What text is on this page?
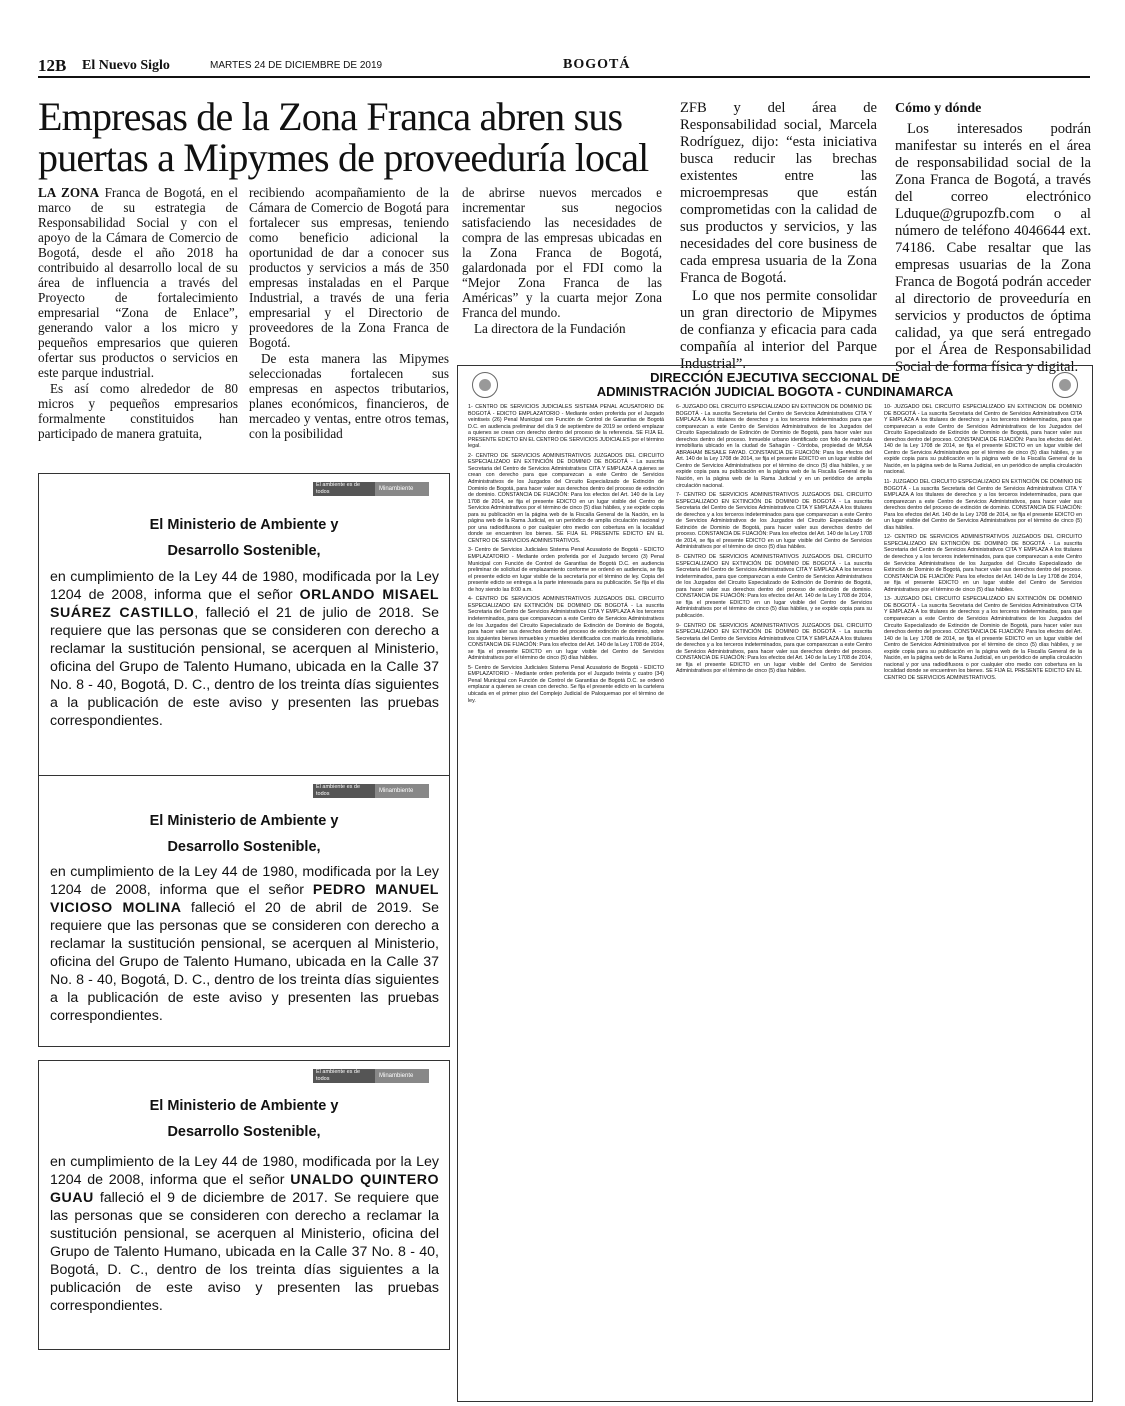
12B El Nuevo Siglo	MARTES 24 DE DICIEMBRE DE 2019	BOGOTÁ
Empresas de la Zona Franca abren sus puertas a Mipymes de proveeduría local

LA ZONA Franca de Bogotá, en el marco de su estrategia de Responsabilidad Social y con el apoyo de la Cámara de Comercio de Bogotá, desde el año 2018 ha contribuido al desarrollo local de su área de influencia a través del Proyecto de fortalecimiento empresarial “Zona de Enlace”, generando valor a los micro y pequeños empresarios que quieren ofertar sus productos o servicios en este parque industrial.

Es así como alrededor de 80 micros y pequeños empresarios formalmente constituidos han participado de manera gratuita,

recibiendo acompañamiento de la Cámara de Comercio de Bogotá para fortalecer sus empresas, teniendo como beneficio adicional la oportunidad de dar a conocer sus productos y servicios a más de 350 empresas instaladas en el Parque Industrial, a través de una feria empresarial y el Directorio de proveedores de la Zona Franca de Bogotá.

De esta manera las Mipymes seleccionadas fortalecen sus empresas en aspectos tributarios, planes económicos, financieros, de mercadeo y ventas, entre otros temas, con la posibilidad

de abrirse nuevos mercados e incrementar sus negocios satisfaciendo las necesidades de compra de las empresas ubicadas en la Zona Franca de Bogotá, galardonada por el FDI como la “Mejor Zona Franca de las Américas” y la cuarta mejor Zona Franca del mundo.

La directora de la Fundación

ZFB y del área de Responsabilidad social, Marcela Rodríguez, dijo: “esta iniciativa busca reducir las brechas existentes entre las microempresas que están comprometidas con la calidad de sus productos y servicios, y las necesidades del core business de cada empresa usuaria de la Zona Franca de Bogotá.

Lo que nos permite consolidar un gran directorio de Mipymes de confianza y eficacia para cada compañía al interior del Parque Industrial”.

Cómo y dónde

Los interesados podrán manifestar su interés en el área de responsabilidad social de la Zona Franca de Bogotá, a través del correo electrónico Lduque@grupozfb.com o al número de teléfono 4046644 ext. 74186. Cabe resaltar que las empresas usuarias de la Zona Franca de Bogotá podrán acceder al directorio de proveeduría en servicios y productos de óptima calidad, ya que será entregado por el Área de Responsabilidad Social de forma física y digital.

El ambiente es de todos	Minambiente
El Ministerio de Ambiente y
Desarrollo Sostenible,
en cumplimiento de la Ley 44 de 1980, modificada por la Ley 1204 de 2008, informa que el señor ORLANDO MISAEL SUÁREZ CASTILLO, falleció el 21 de julio de 2018. Se requiere que las personas que se consideren con derecho a reclamar la sustitución pensional, se acerquen al Ministerio, oficina del Grupo de Talento Humano, ubicada en la Calle 37 No. 8 - 40, Bogotá, D. C., dentro de los treinta días siguientes a la publicación de este aviso y presenten las pruebas correspondientes.
El ambiente es de todos	Minambiente
El Ministerio de Ambiente y
Desarrollo Sostenible,
en cumplimiento de la Ley 44 de 1980, modificada por la Ley 1204 de 2008, informa que el señor PEDRO MANUEL VICIOSO MOLINA falleció el 20 de abril de 2019. Se requiere que las personas que se consideren con derecho a reclamar la sustitución pensional, se acerquen al Ministerio, oficina del Grupo de Talento Humano, ubicada en la Calle 37 No. 8 - 40, Bogotá, D. C., dentro de los treinta días siguientes a la publicación de este aviso y presenten las pruebas correspondientes.
El ambiente es de todos	Minambiente
El Ministerio de Ambiente y
Desarrollo Sostenible,
en cumplimiento de la Ley 44 de 1980, modificada por la Ley 1204 de 2008, informa que el señor UNALDO QUINTERO GUAU falleció el 9 de diciembre de 2017. Se requiere que las personas que se consideren con derecho a reclamar la sustitución pensional, se acerquen al Ministerio, oficina del Grupo de Talento Humano, ubicada en la Calle 37 No. 8 - 40, Bogotá, D. C., dentro de los treinta días siguientes a la publicación de este aviso y presenten las pruebas correspondientes.
DIRECCIÓN EJECUTIVA SECCIONAL DE
ADMINISTRACIÓN JUDICIAL BOGOTA - CUNDINAMARCA

1- CENTRO DE SERVICIOS JUDICIALES SISTEMA PENAL ACUSATORIO DE BOGOTÁ - EDICTO EMPLAZATORIO - Mediante orden proferida por el Juzgado veintiseis (26) Penal Municipal con Función de Control de Garantías de Bogotá D.C. en audiencia preliminar del día 9 de septiembre de 2019 se ordenó emplazar a quienes se crean con derecho dentro del proceso de la referencia. SE FIJA EL PRESENTE EDICTO EN EL CENTRO DE SERVICIOS JUDICIALES por el término legal.

2- CENTRO DE SERVICIOS ADMINISTRATIVOS JUZGADOS DEL CIRCUITO ESPECIALIZADO EN EXTINCIÓN DE DOMINIO DE BOGOTÁ - La suscrita Secretaria del Centro de Servicios Administrativos CITA Y EMPLAZA A quienes se crean con derecho para que comparezcan a este Centro de Servicios Administrativos de los Juzgados del Circuito Especializado de Extinción de Dominio de Bogotá, para hacer valer sus derechos dentro del proceso de extinción de dominio. CONSTANCIA DE FIJACIÓN: Para los efectos del Art. 140 de la Ley 1708 de 2014, se fija el presente EDICTO en un lugar visible del Centro de Servicios Administrativos por el término de cinco (5) días hábiles, y se expide copia para su publicación en la página web de la Fiscalía General de la Nación, en la página web de la Rama Judicial, en un periódico de amplia circulación nacional y por una radiodifusora o por cualquier otro medio con cobertura en la localidad donde se encuentren los bienes. SE FIJA EL PRESENTE EDICTO EN EL CENTRO DE SERVICIOS ADMINISTRATIVOS.

3- Centro de Servicios Judiciales Sistema Penal Acusatorio de Bogotá - EDICTO EMPLAZATORIO - Mediante orden proferida por el Juzgado tercero (3) Penal Municipal con Función de Control de Garantías de Bogotá D.C. en audiencia preliminar de solicitud de emplazamiento conforme se ordenó en audiencia, se fija el presente edicto en lugar visible de la secretaría por el término de ley. Copia del presente edicto se entrega a la parte interesada para su publicación. Se fija el día de hoy siendo las 8:00 a.m.

4- CENTRO DE SERVICIOS ADMINISTRATIVOS JUZGADOS DEL CIRCUITO ESPECIALIZADO EN EXTINCIÓN DE DOMINIO DE BOGOTÁ - La suscrita Secretaria del Centro de Servicios Administrativos CITA Y EMPLAZA A los terceros indeterminados, para que comparezcan a este Centro de Servicios Administrativos de los Juzgados del Circuito Especializado de Extinción de Dominio de Bogotá, para hacer valer sus derechos dentro del proceso de extinción de dominio, sobre los siguientes bienes inmuebles y muebles identificados con matrícula inmobiliaria. CONSTANCIA DE FIJACIÓN: Para los efectos del Art. 140 de la Ley 1708 de 2014, se fija el presente EDICTO en un lugar visible del Centro de Servicios Administrativos por el término de cinco (5) días hábiles.

5- Centro de Servicios Judiciales Sistema Penal Acusatorio de Bogotá - EDICTO EMPLAZATORIO - Mediante orden proferida por el Juzgado treinta y cuatro (34) Penal Municipal con Función de Control de Garantías de Bogotá D.C. se ordenó emplazar a quienes se crean con derecho. Se fija el presente edicto en la cartelera ubicada en el primer piso del Complejo Judicial de Paloquemao por el término de ley.

6- JUZGADO DEL CIRCUITO ESPECIALIZADO EN EXTINCIÓN DE DOMINIO DE BOGOTÁ - La suscrita Secretaria del Centro de Servicios Administrativos CITA Y EMPLAZA A los titulares de derechos y a los terceros indeterminados para que comparezcan a este Centro de Servicios Administrativos de los Juzgados del Circuito Especializado de Extinción de Dominio de Bogotá, para hacer valer sus derechos dentro del proceso. Inmueble urbano identificado con folio de matrícula inmobiliaria ubicado en la ciudad de Sahagún - Córdoba, propiedad de MUSA ABRAHAM BESAILE FAYAD. CONSTANCIA DE FIJACIÓN: Para los efectos del Art. 140 de la Ley 1708 de 2014, se fija el presente EDICTO en un lugar visible del Centro de Servicios Administrativos por el término de cinco (5) días hábiles, y se expide copia para su publicación en la página web de la Fiscalía General de la Nación, en la página web de la Rama Judicial y en un periódico de amplia circulación nacional.

7- CENTRO DE SERVICIOS ADMINISTRATIVOS JUZGADOS DEL CIRCUITO ESPECIALIZADO EN EXTINCIÓN DE DOMINIO DE BOGOTÁ - La suscrita Secretaria del Centro de Servicios Administrativos CITA Y EMPLAZA A los titulares de derechos y a los terceros indeterminados para que comparezcan a este Centro de Servicios Administrativos de los Juzgados del Circuito Especializado de Extinción de Dominio de Bogotá, para hacer valer sus derechos dentro del proceso. CONSTANCIA DE FIJACIÓN: Para los efectos del Art. 140 de la Ley 1708 de 2014, se fija el presente EDICTO en un lugar visible del Centro de Servicios Administrativos por el término de cinco (5) días hábiles.

8- CENTRO DE SERVICIOS ADMINISTRATIVOS JUZGADOS DEL CIRCUITO ESPECIALIZADO EN EXTINCIÓN DE DOMINIO DE BOGOTÁ - La suscrita Secretaria del Centro de Servicios Administrativos CITA Y EMPLAZA A los terceros indeterminados, para que comparezcan a este Centro de Servicios Administrativos de los Juzgados del Circuito Especializado de Extinción de Dominio de Bogotá, para hacer valer sus derechos dentro del proceso de extinción de dominio. CONSTANCIA DE FIJACIÓN: Para los efectos del Art. 140 de la Ley 1708 de 2014, se fija el presente EDICTO en un lugar visible del Centro de Servicios Administrativos por el término de cinco (5) días hábiles, y se expide copia para su publicación.

9- CENTRO DE SERVICIOS ADMINISTRATIVOS JUZGADOS DEL CIRCUITO ESPECIALIZADO EN EXTINCIÓN DE DOMINIO DE BOGOTÁ - La suscrita Secretaria del Centro de Servicios Administrativos CITA Y EMPLAZA A los titulares de derechos y a los terceros indeterminados, para que comparezcan a este Centro de Servicios Administrativos, para hacer valer sus derechos dentro del proceso. CONSTANCIA DE FIJACIÓN: Para los efectos del Art. 140 de la Ley 1708 de 2014, se fija el presente EDICTO en un lugar visible del Centro de Servicios Administrativos por el término de cinco (5) días hábiles.

10- JUZGADO DEL CIRCUITO ESPECIALIZADO EN EXTINCIÓN DE DOMINIO DE BOGOTÁ - La suscrita Secretaria del Centro de Servicios Administrativos CITA Y EMPLAZA A los titulares de derechos y a los terceros indeterminados, para que comparezcan a este Centro de Servicios Administrativos de los Juzgados del Circuito Especializado de Extinción de Dominio de Bogotá, para hacer valer sus derechos dentro del proceso. CONSTANCIA DE FIJACIÓN: Para los efectos del Art. 140 de la Ley 1708 de 2014, se fija el presente EDICTO en un lugar visible del Centro de Servicios Administrativos por el término de cinco (5) días hábiles, y se expide copia para su publicación en la página web de la Fiscalía General de la Nación, en la página web de la Rama Judicial, en un periódico de amplia circulación nacional.

11- JUZGADO DEL CIRCUITO ESPECIALIZADO EN EXTINCIÓN DE DOMINIO DE BOGOTÁ - La suscrita Secretaria del Centro de Servicios Administrativos CITA Y EMPLAZA A los titulares de derechos y a los terceros indeterminados, para que comparezcan a este Centro de Servicios Administrativos, para hacer valer sus derechos dentro del proceso de extinción de dominio. CONSTANCIA DE FIJACIÓN: Para los efectos del Art. 140 de la Ley 1708 de 2014, se fija el presente EDICTO en un lugar visible del Centro de Servicios Administrativos por el término de cinco (5) días hábiles.

12- CENTRO DE SERVICIOS ADMINISTRATIVOS JUZGADOS DEL CIRCUITO ESPECIALIZADO EN EXTINCIÓN DE DOMINIO DE BOGOTÁ - La suscrita Secretaria del Centro de Servicios Administrativos CITA Y EMPLAZA A los titulares de derechos y a los terceros indeterminados, para que comparezcan a este Centro de Servicios Administrativos de los Juzgados del Circuito Especializado de Extinción de Dominio de Bogotá, para hacer valer sus derechos dentro del proceso. CONSTANCIA DE FIJACIÓN: Para los efectos del Art. 140 de la Ley 1708 de 2014, se fija el presente EDICTO en un lugar visible del Centro de Servicios Administrativos por el término de cinco (5) días hábiles.

13- JUZGADO DEL CIRCUITO ESPECIALIZADO EN EXTINCIÓN DE DOMINIO DE BOGOTÁ - La suscrita Secretaria del Centro de Servicios Administrativos CITA Y EMPLAZA A los titulares de derechos y a los terceros indeterminados, para que comparezcan a este Centro de Servicios Administrativos de los Juzgados del Circuito Especializado de Extinción de Dominio de Bogotá, para hacer valer sus derechos dentro del proceso. CONSTANCIA DE FIJACIÓN: Para los efectos del Art. 140 de la Ley 1708 de 2014, se fija el presente EDICTO en un lugar visible del Centro de Servicios Administrativos por el término de cinco (5) días hábiles, y se expide copia para su publicación en la página web de la Fiscalía General de la Nación, en la página web de la Rama Judicial, en un periódico de amplia circulación nacional y por una radiodifusora o por cualquier otro medio con cobertura en la localidad donde se encuentren los bienes. SE FIJA EL PRESENTE EDICTO EN EL CENTRO DE SERVICIOS ADMINISTRATIVOS.
